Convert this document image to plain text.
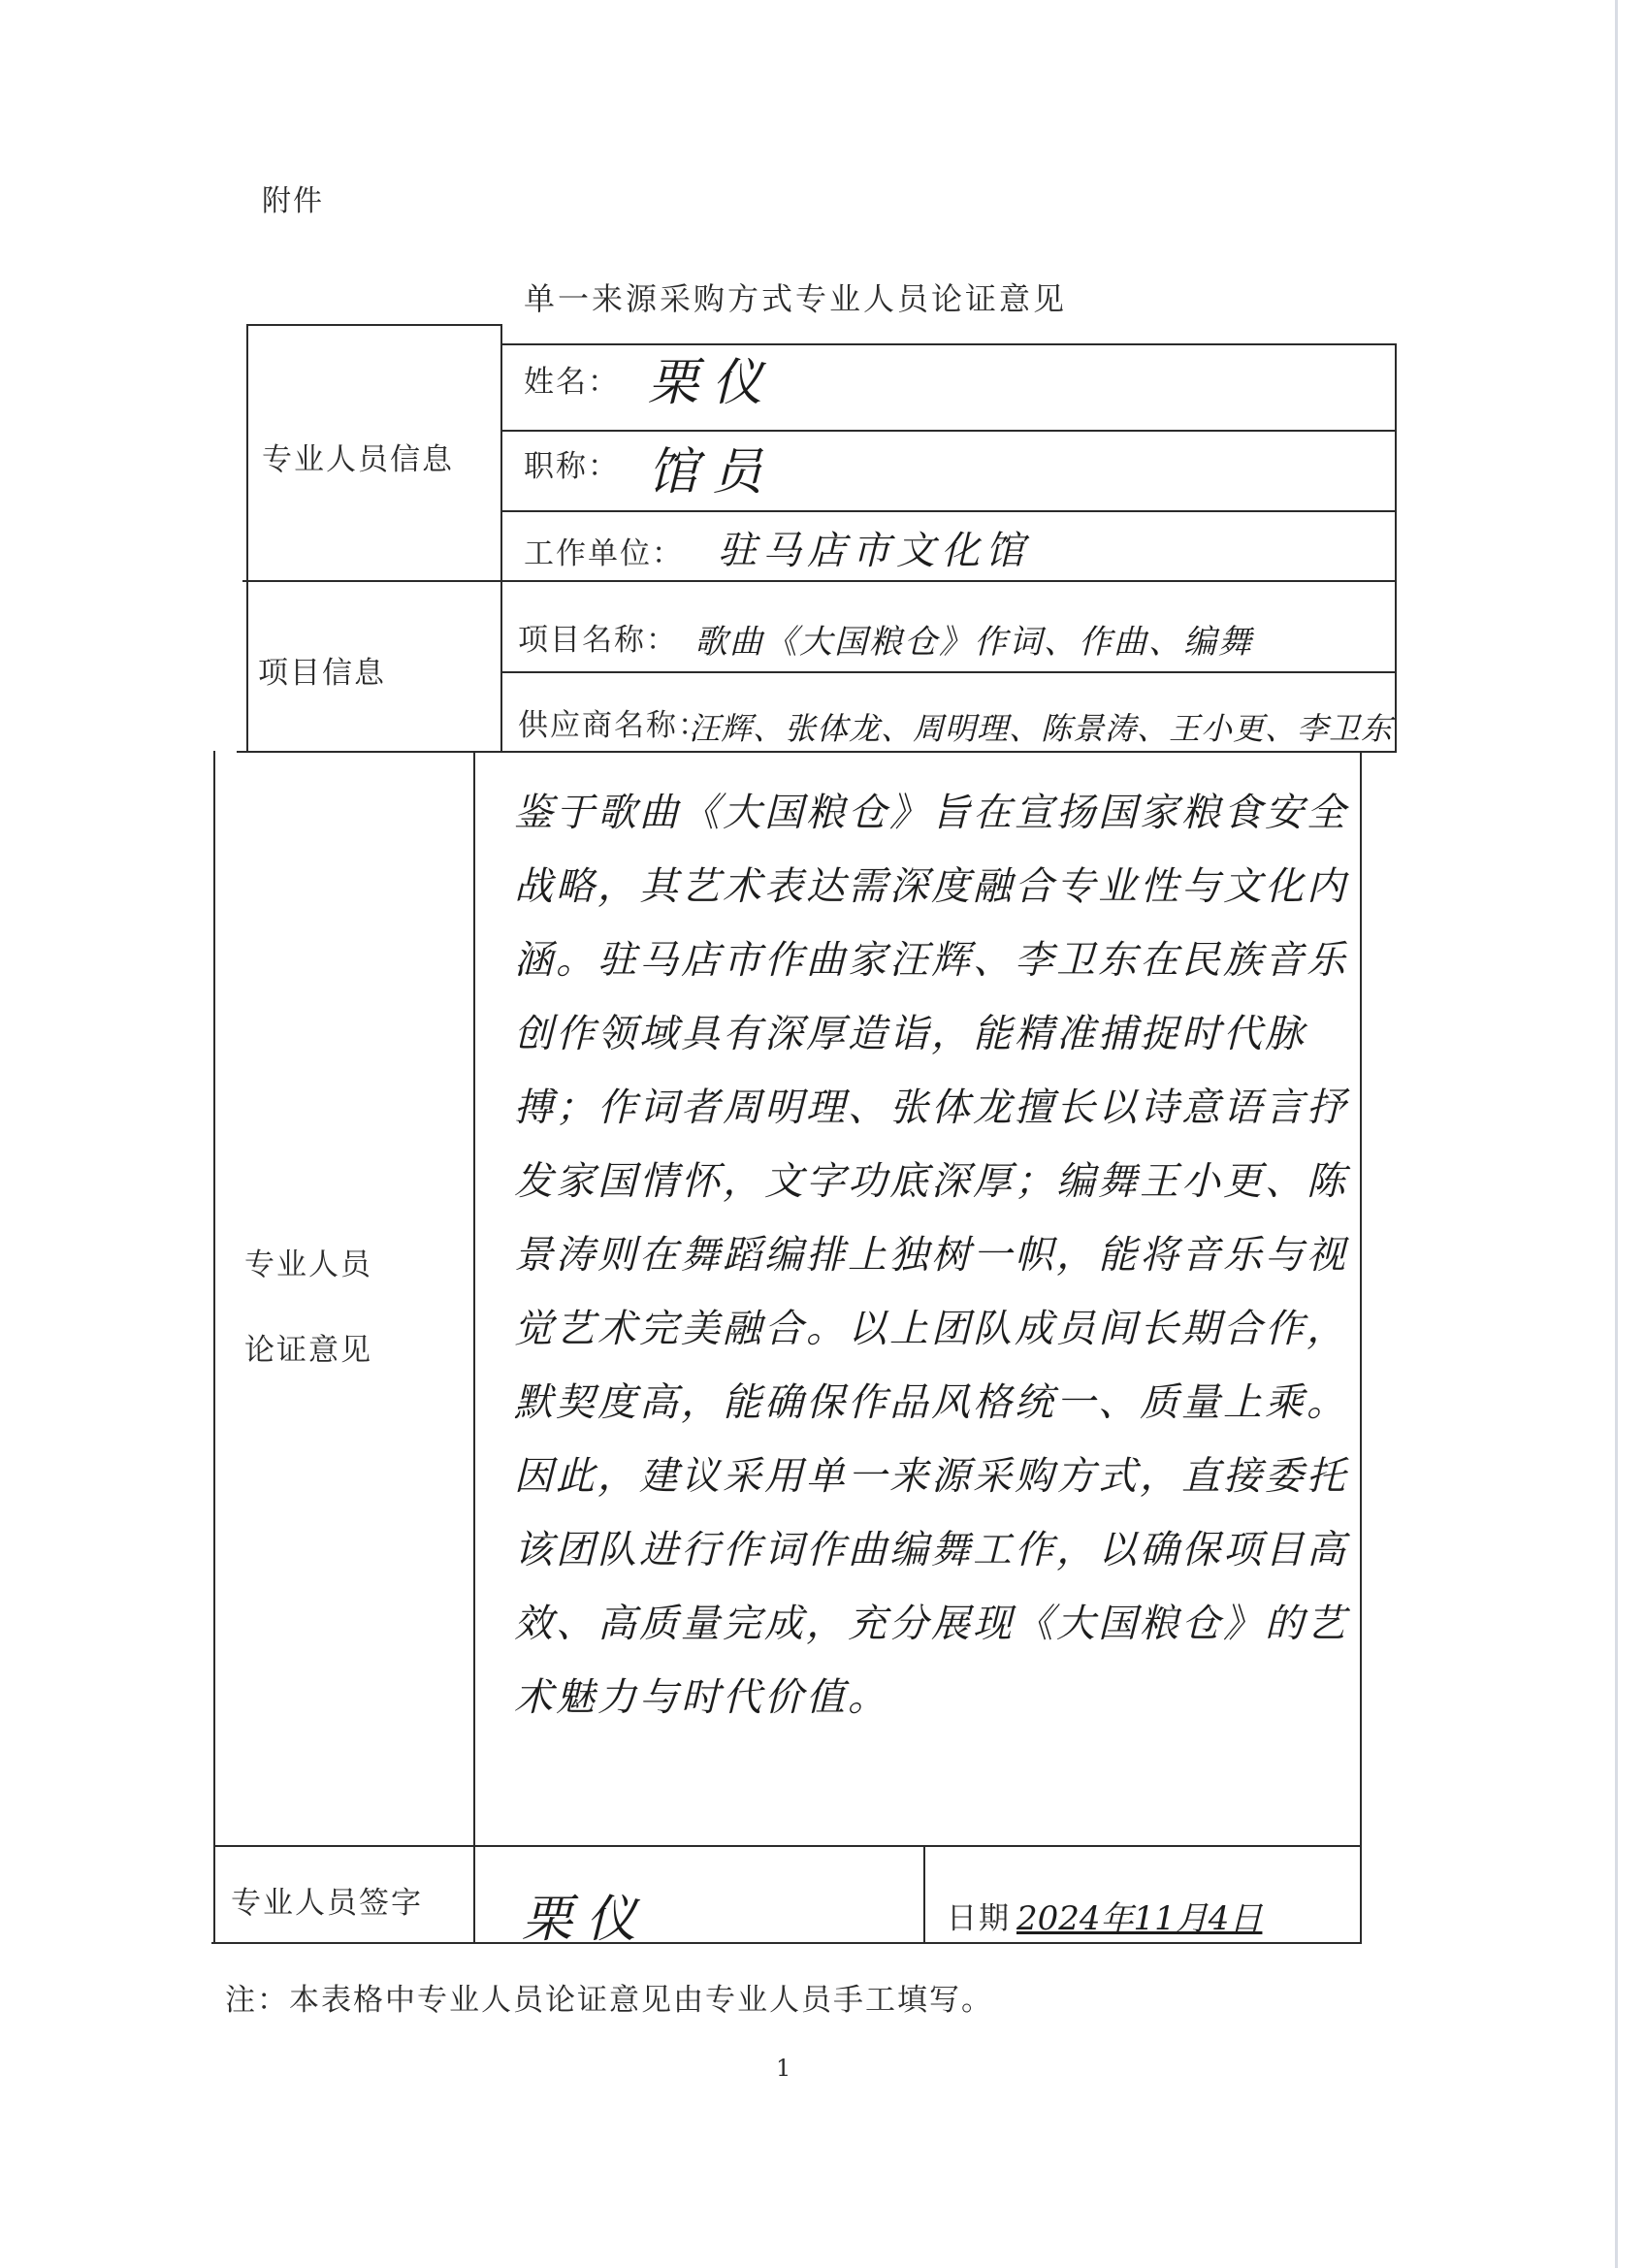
附件
单一来源采购方式专业人员论证意见
专业人员信息
姓名： 栗仪
职称： 馆员
工作单位： 驻马店市文化馆
项目信息
项目名称： 歌曲《大国粮仓》作词、作曲、编舞
供应商名称：
汪辉、张体龙、周明理、陈景涛、王小更、李卫东
专业人员
论证意见
鉴于歌曲《大国粮仓》旨在宣扬国家粮食安全战略，其艺术表达需深度融合专业性与文化内涵。驻马店市作曲家汪辉、李卫东在民族音乐创作领域具有深厚造诣，能精准捕捉时代脉搏；作词者周明理、张体龙擅长以诗意语言抒发家国情怀，文字功底深厚；编舞王小更、陈景涛则在舞蹈编排上独树一帜，能将音乐与视觉艺术完美融合。以上团队成员间长期合作，默契度高，能确保作品风格统一、质量上乘。因此，建议采用单一来源采购方式，直接委托该团队进行作词作曲编舞工作，以确保项目高效、高质量完成，充分展现《大国粮仓》的艺术魅力与时代价值。
专业人员签字 栗仪	日期 2024年11月4日
注：本表格中专业人员论证意见由专业人员手工填写。
1
